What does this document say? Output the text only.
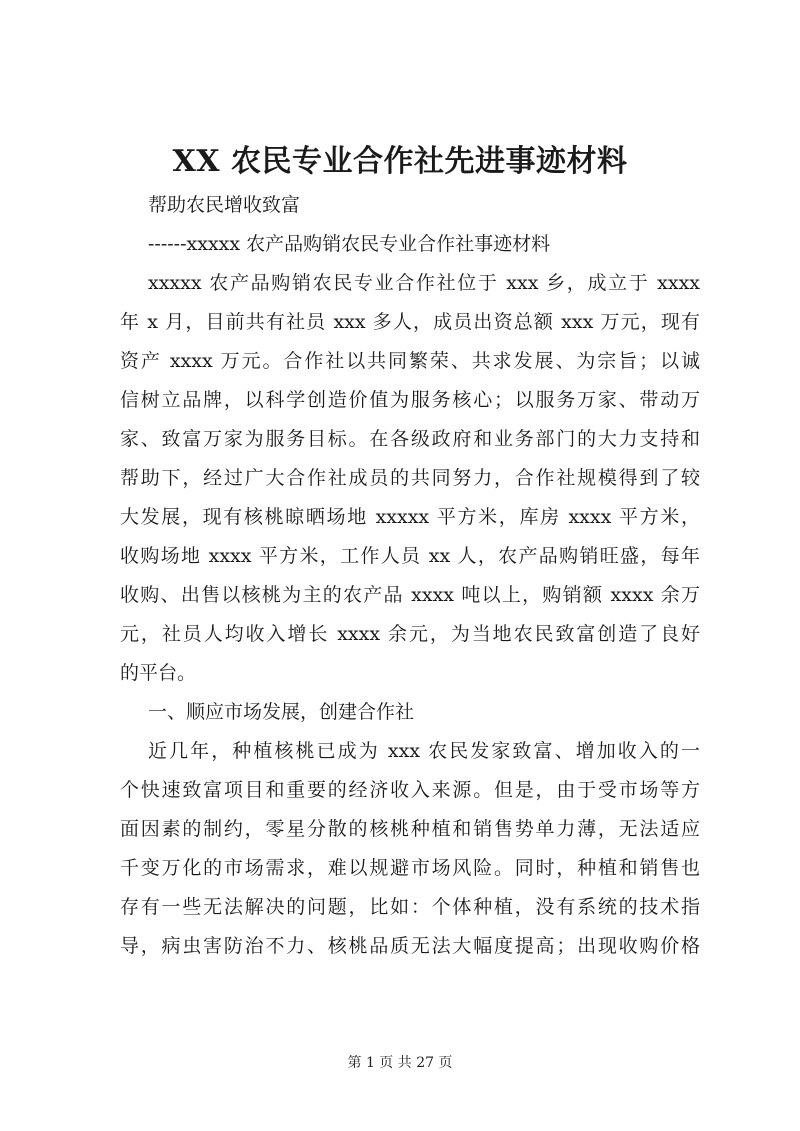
XX 农民专业合作社先进事迹材料
帮助农民增收致富
------xxxxx 农产品购销农民专业合作社事迹材料
xxxxx 农产品购销农民专业合作社位于 xxx 乡，成立于 xxxx
年 x 月，目前共有社员 xxx 多人，成员出资总额 xxx 万元，现有
资产 xxxx 万元。合作社以共同繁荣、共求发展、为宗旨；以诚
信树立品牌，以科学创造价值为服务核心；以服务万家、带动万
家、致富万家为服务目标。在各级政府和业务部门的大力支持和
帮助下，经过广大合作社成员的共同努力，合作社规模得到了较
大发展，现有核桃晾晒场地 xxxxx 平方米，库房 xxxx 平方米，
收购场地 xxxx 平方米，工作人员 xx 人，农产品购销旺盛，每年
收购、出售以核桃为主的农产品 xxxx 吨以上，购销额 xxxx 余万
元，社员人均收入增长 xxxx 余元，为当地农民致富创造了良好
的平台。
一、顺应市场发展，创建合作社
近几年，种植核桃已成为 xxx 农民发家致富、增加收入的一
个快速致富项目和重要的经济收入来源。但是，由于受市场等方
面因素的制约，零星分散的核桃种植和销售势单力薄，无法适应
千变万化的市场需求，难以规避市场风险。同时，种植和销售也
存有一些无法解决的问题，比如：个体种植，没有系统的技术指
导，病虫害防治不力、核桃品质无法大幅度提高；出现收购价格
第 1 页 共 27 页
